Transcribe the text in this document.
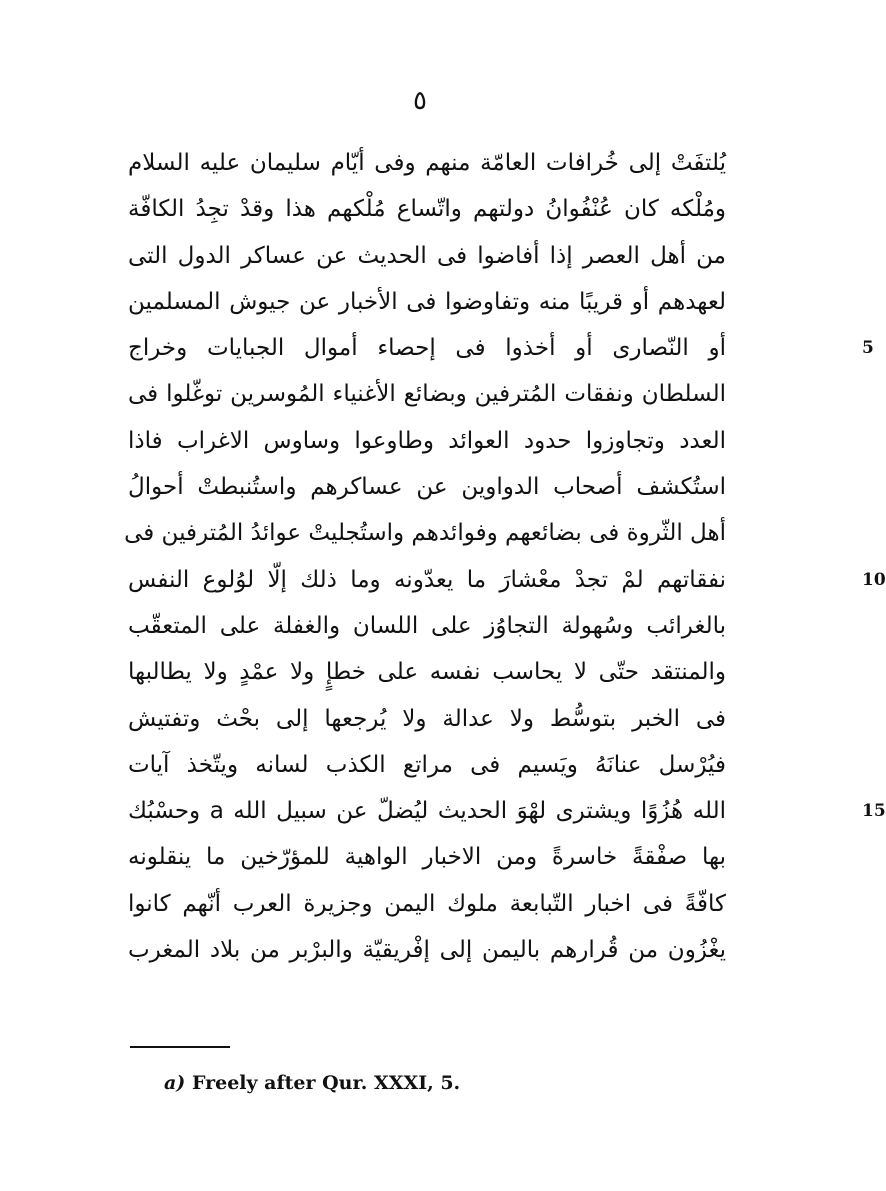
٥
يُلتفَتْ إلى خُرافات العامّة منهم وفى أيّام سليمان عليه السلام
ومُلْكه كان عُنْفُوانُ دولتهم واتّساع مُلْكهم هذا وقدْ تجِدُ الكافّة
من أهل العصر إذا أفاضوا فى الحديث عن عساكر الدول التى
لعهدهم أو قريبًا منه وتفاوضوا فى الأخبار عن جيوش المسلمين
أو النّصارى أو أخذوا فى إحصاء أموال الجبايات وخراج	5
السلطان ونفقات المُترفين وبضائع الأغنياء المُوسرين توغّلوا فى
العدد وتجاوزوا حدود العوائد وطاوعوا وساوس الاغراب فاذا
استُكشف أصحاب الدواوين عن عساكرهم واستُنبطتْ أحوالُ
أهل الثّروة فى بضائعهم وفوائدهم واستُجليتْ عوائدُ المُترفين فى
نفقاتهم لمْ تجدْ معْشارَ ما يعدّونه وما ذلك إلّا لوُلوع النفس	10
بالغرائب وسُهولة التجاوُز على اللسان والغفلة على المتعقّب
والمنتقد حتّى لا يحاسب نفسه على خطإٍ ولا عمْدٍ ولا يطالبها
فى الخبر بتوسُّط ولا عدالة ولا يُرجعها إلى بحْث وتفتيش
فيُرْسل عنانَهُ ويَسيم فى مراتع الكذب لسانه ويتّخذ آيات
الله هُزُوًا ويشترى لهْوَ الحديث ليُضلّ عن سبيل الله a وحسْبُك	15
بها صفْقةً خاسرةً ومن الاخبار الواهية للمؤرّخين ما ينقلونه
كافّةً فى اخبار التّبابعة ملوك اليمن وجزيرة العرب أنّهم كانوا
يغْزُون من قُرارهم باليمن إلى إفْريقيّة والبرْبر من بلاد المغرب
a) Freely after Qur. XXXI, 5.
